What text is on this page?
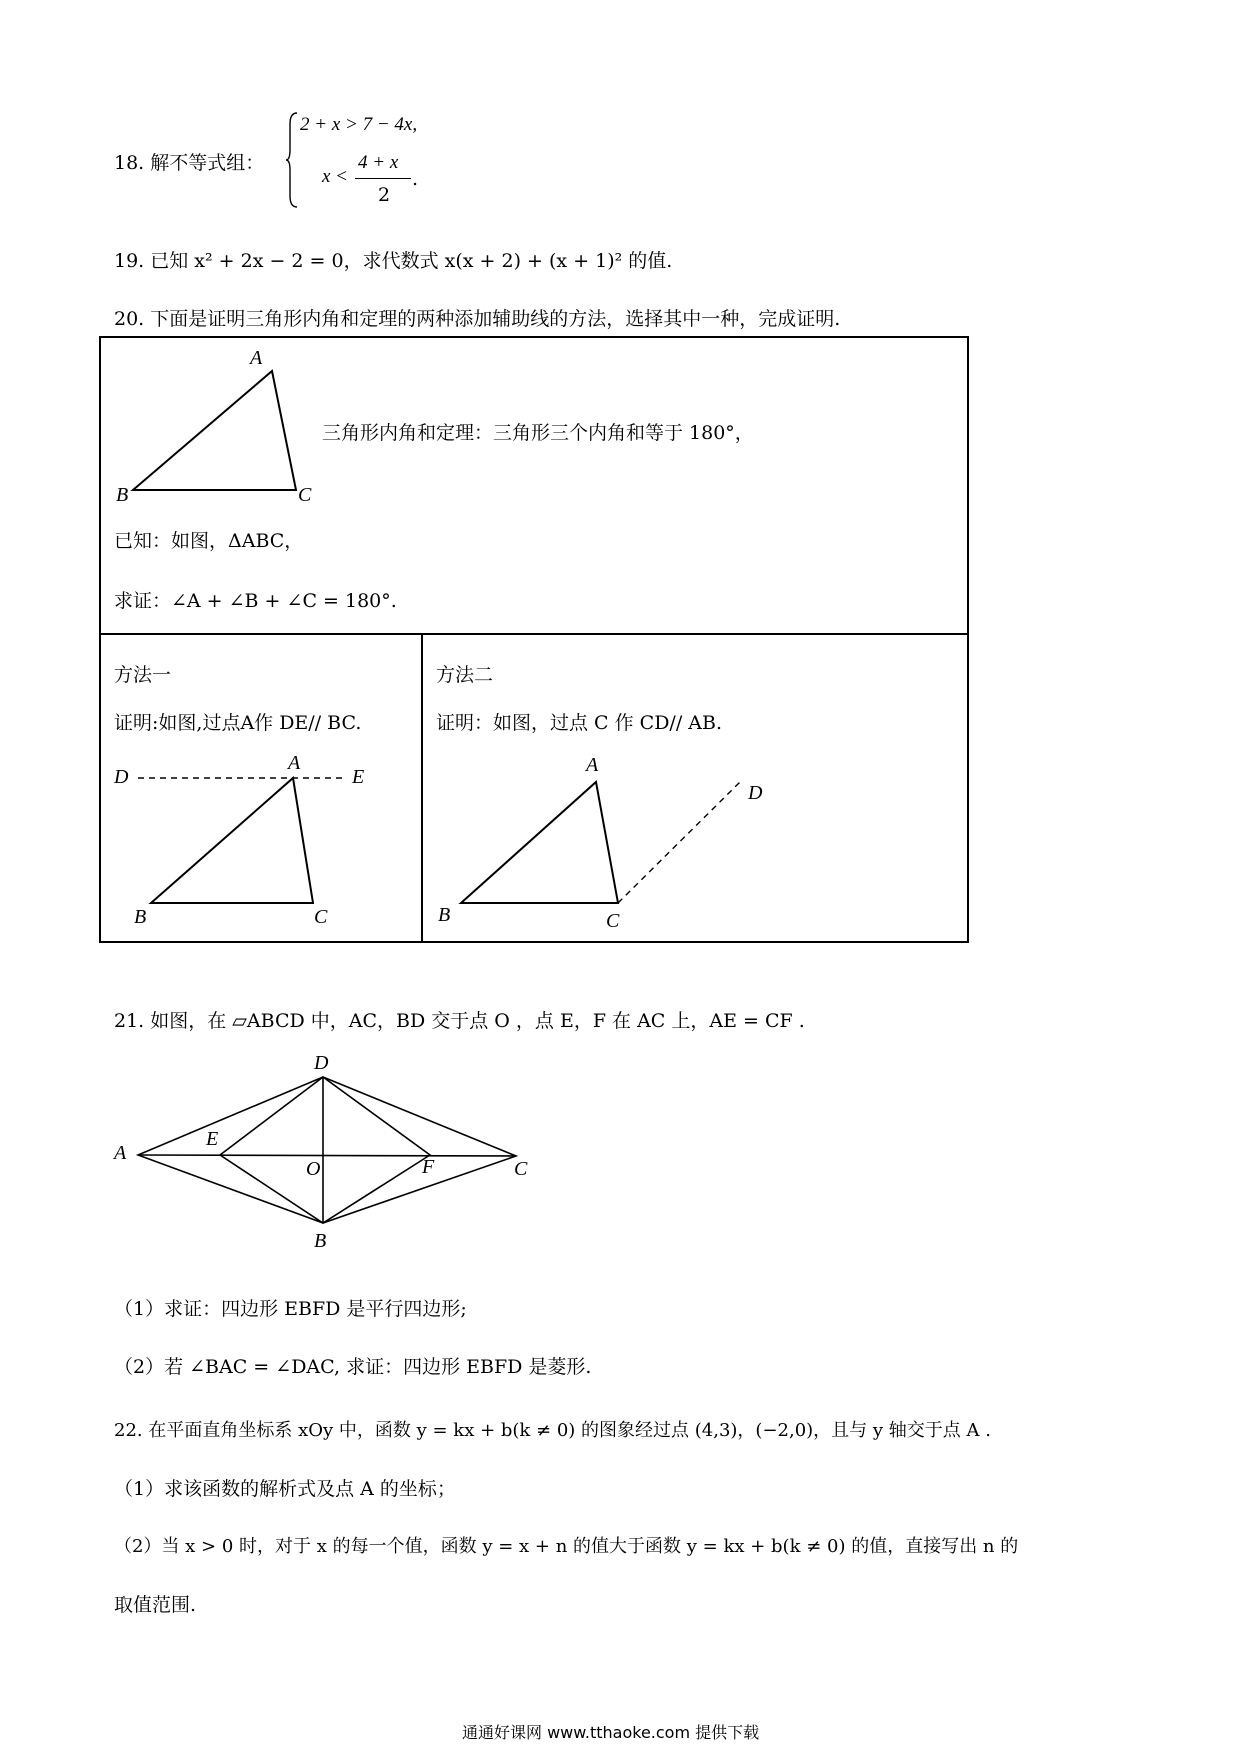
18. 解不等式组：
2 + x > 7 − 4x,
x <
4 + x
2
.
19. 已知 x² + 2x − 2 = 0，求代数式 x(x + 2) + (x + 1)² 的值.
20. 下面是证明三角形内角和定理的两种添加辅助线的方法，选择其中一种，完成证明.
A
B	C
三角形内角和定理：三角形三个内角和等于 180°，
已知：如图，ΔABC，
求证：∠A + ∠B + ∠C = 180°.
方法一
证明:如图,过点A作 DE// BC.
D
A
E
B	C
方法二
证明：如图，过点 C 作 CD// AB.
A
D
B	C
21. 如图，在 ▱ABCD 中，AC，BD 交于点 O ，点 E，F 在 AC 上，AE = CF .
D
A
E
O	F	C
B
（1）求证：四边形 EBFD 是平行四边形;
（2）若 ∠BAC = ∠DAC, 求证：四边形 EBFD 是菱形.
22. 在平面直角坐标系 xOy 中，函数 y = kx + b(k ≠ 0) 的图象经过点 (4,3)，(−2,0)，且与 y 轴交于点 A .
（1）求该函数的解析式及点 A 的坐标；
（2）当 x > 0 时，对于 x 的每一个值，函数 y = x + n 的值大于函数 y = kx + b(k ≠ 0) 的值，直接写出 n 的
取值范围.
通通好课网 www.tthaoke.com 提供下载
